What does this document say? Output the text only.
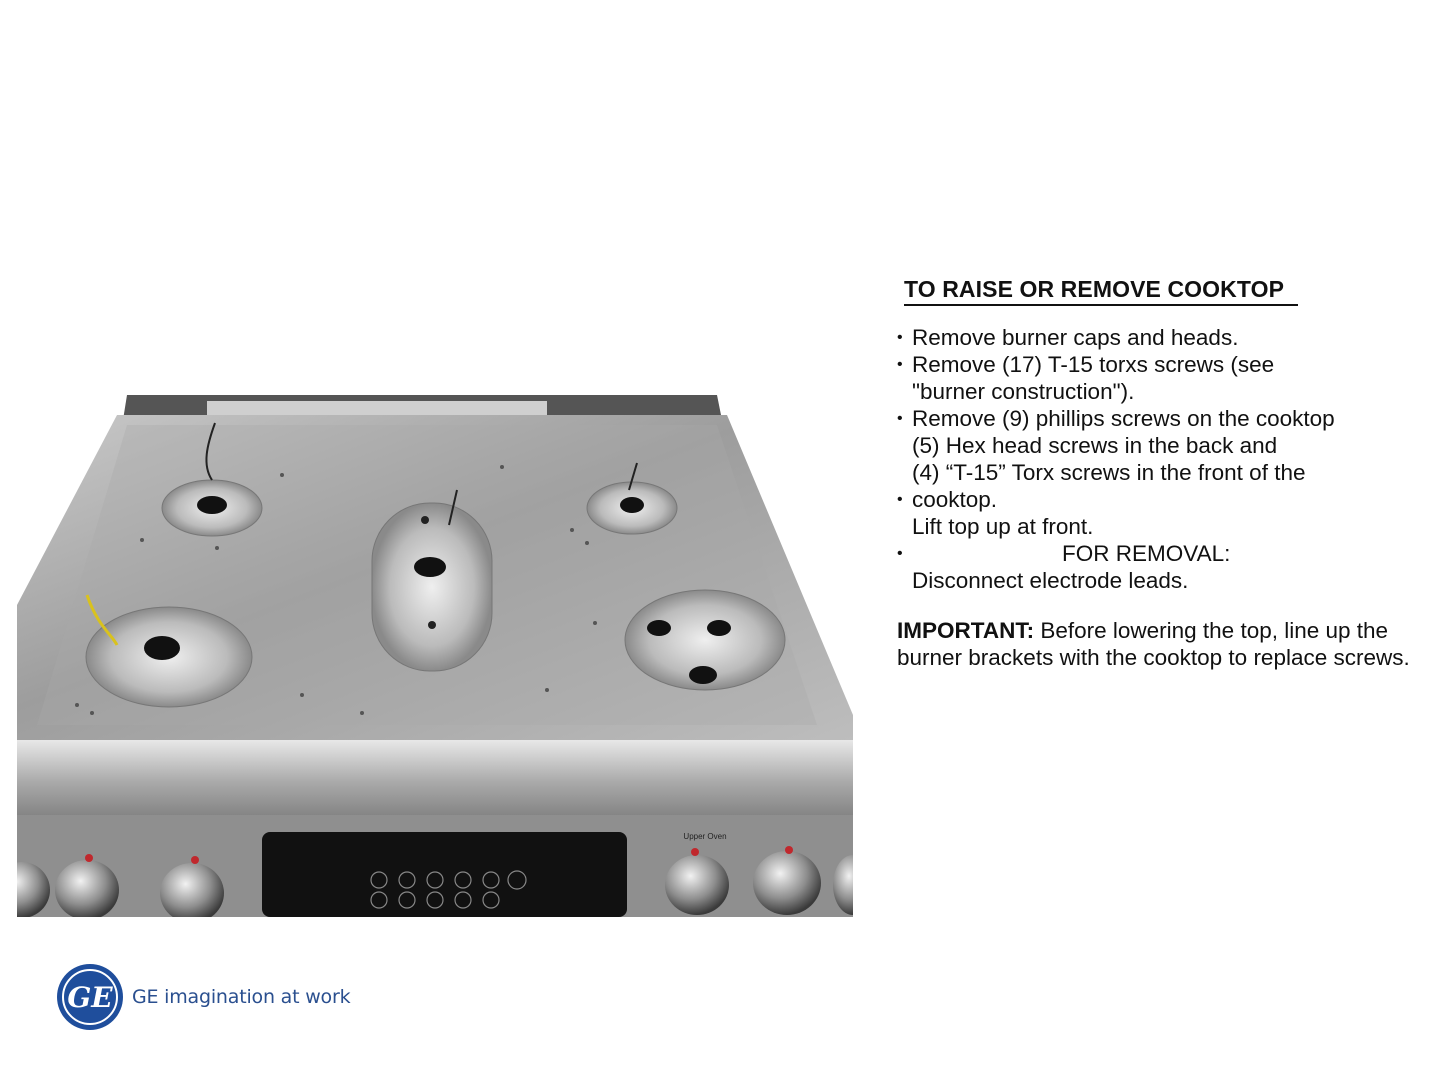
Upper Oven
TO RAISE OR REMOVE COOKTOP
• Remove burner caps and heads.
• Remove (17) T-15 torxs screws (see
"burner construction").
• Remove (9) phillips screws on the cooktop
(5) Hex head screws in the back and
(4) “T-15” Torx screws in the front of the
• cooktop.
Lift top up at front.
•	FOR REMOVAL:
Disconnect electrode leads.
IMPORTANT: Before lowering the top, line up the burner brackets with the cooktop to replace screws.
GE GE imagination at work
